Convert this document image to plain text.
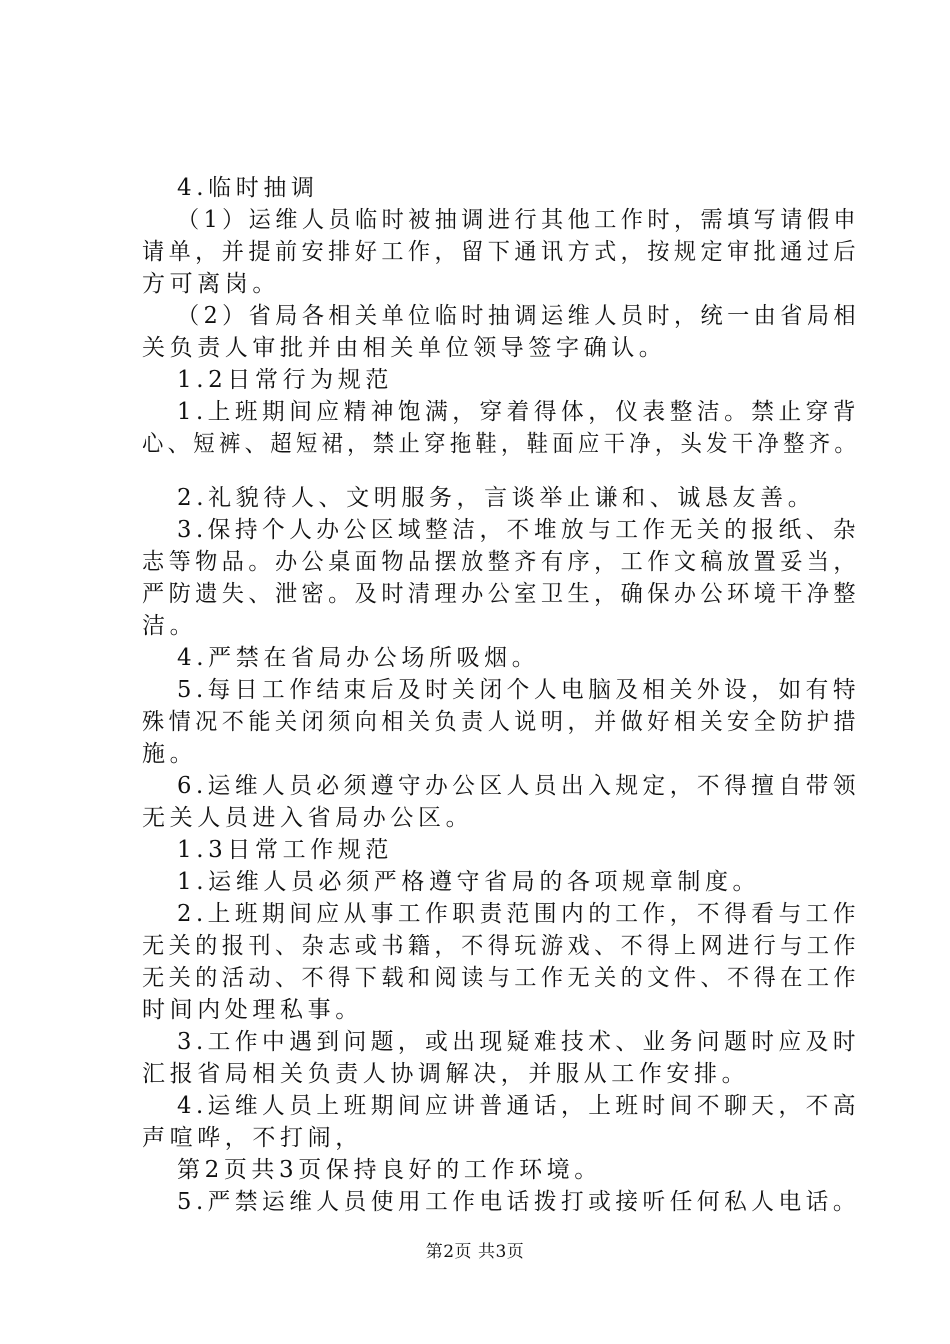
4.临时抽调
（1）运维人员临时被抽调进行其他工作时，需填写请假申
请单，并提前安排好工作，留下通讯方式，按规定审批通过后
方可离岗。
（2）省局各相关单位临时抽调运维人员时，统一由省局相
关负责人审批并由相关单位领导签字确认。
1.2日常行为规范
1.上班期间应精神饱满，穿着得体，仪表整洁。禁止穿背
心、短裤、超短裙，禁止穿拖鞋，鞋面应干净，头发干净整齐。
2.礼貌待人、文明服务，言谈举止谦和、诚恳友善。
3.保持个人办公区域整洁，不堆放与工作无关的报纸、杂
志等物品。办公桌面物品摆放整齐有序，工作文稿放置妥当，
严防遗失、泄密。及时清理办公室卫生，确保办公环境干净整
洁。
4.严禁在省局办公场所吸烟。
5.每日工作结束后及时关闭个人电脑及相关外设，如有特
殊情况不能关闭须向相关负责人说明，并做好相关安全防护措
施。
6.运维人员必须遵守办公区人员出入规定，不得擅自带领
无关人员进入省局办公区。
1.3日常工作规范
1.运维人员必须严格遵守省局的各项规章制度。
2.上班期间应从事工作职责范围内的工作，不得看与工作
无关的报刊、杂志或书籍，不得玩游戏、不得上网进行与工作
无关的活动、不得下载和阅读与工作无关的文件、不得在工作
时间内处理私事。
3.工作中遇到问题，或出现疑难技术、业务问题时应及时
汇报省局相关负责人协调解决，并服从工作安排。
4.运维人员上班期间应讲普通话，上班时间不聊天，不高
声喧哗，不打闹，
第2页共3页保持良好的工作环境。
5.严禁运维人员使用工作电话拨打或接听任何私人电话。
第2页 共3页
